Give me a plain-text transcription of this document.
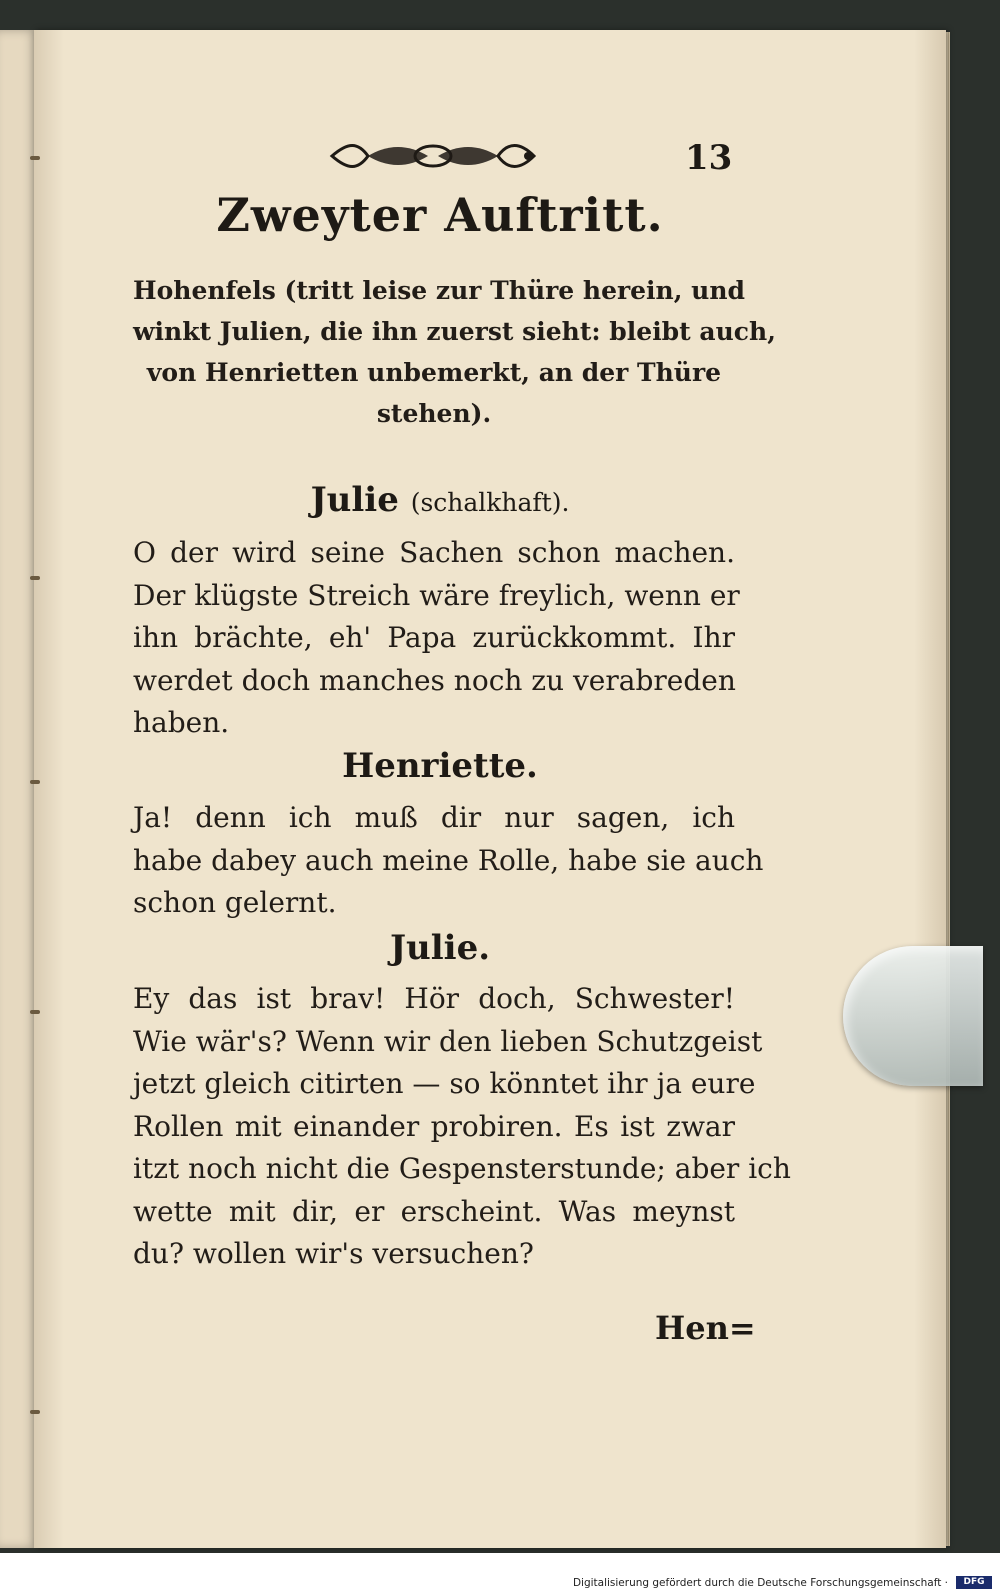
13
Zweyter Auftritt.
Hohenfels (tritt leise zur Thüre herein, und
winkt Julien, die ihn zuerst sieht: bleibt auch,
von Henrietten unbemerkt, an der Thüre
stehen).
Julie (schalkhaft).
O der wird seine Sachen schon machen.
Der klügste Streich wäre freylich, wenn er
ihn brächte, eh' Papa zurückkommt. Ihr
werdet doch manches noch zu verabreden
haben.
Henriette.
Ja! denn ich muß dir nur sagen, ich
habe dabey auch meine Rolle, habe sie auch
schon gelernt.
Julie.
Ey das ist brav! Hör doch, Schwester!
Wie wär's? Wenn wir den lieben Schutzgeist
jetzt gleich citirten — so könntet ihr ja eure
Rollen mit einander probiren. Es ist zwar
itzt noch nicht die Gespensterstunde; aber ich
wette mit dir, er erscheint. Was meynst
du? wollen wir's versuchen?
Hen=
Digitalisierung gefördert durch die Deutsche Forschungsgemeinschaft ·	DFG
